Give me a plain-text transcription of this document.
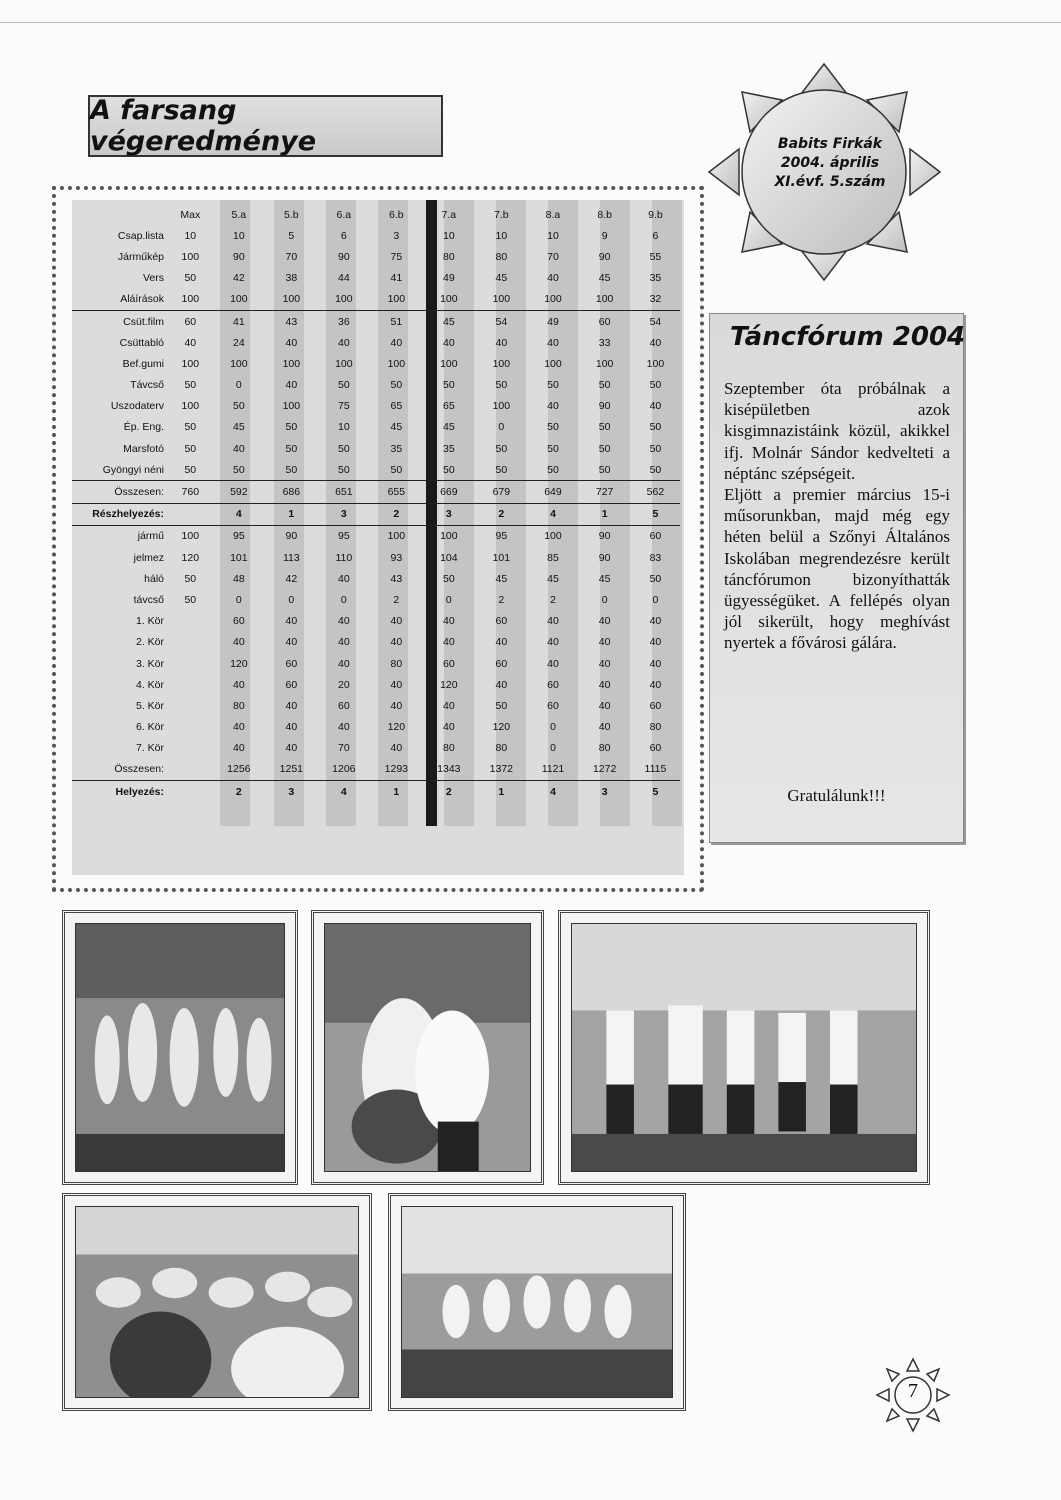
A farsang végeredménye	Babits Firkák
2004. április
XI.évf. 5.szám
	Max	5.a	5.b	6.a	6.b	7.a	7.b	8.a	8.b	9.b
Csap.lista	10	10	5	6	3	10	10	10	9	6
Járműkép	100	90	70	90	75	80	80	70	90	55
Vers	50	42	38	44	41	49	45	40	45	35
Aláírások	100	100	100	100	100	100	100	100	100	32
Csüt.film	60	41	43	36	51	45	54	49	60	54
Csüttabló	40	24	40	40	40	40	40	40	33	40
Bef.gumi	100	100	100	100	100	100	100	100	100	100
Távcső	50	0	40	50	50	50	50	50	50	50
Uszodaterv	100	50	100	75	65	65	100	40	90	40
Ép. Eng.	50	45	50	10	45	45	0	50	50	50
Marsfotó	50	40	50	50	35	35	50	50	50	50
Gyöngyi néni	50	50	50	50	50	50	50	50	50	50
Összesen:	760	592	686	651	655	669	679	649	727	562
Részhelyezés:		4	1	3	2	3	2	4	1	5
jármű	100	95	90	95	100	100	95	100	90	60
jelmez	120	101	113	110	93	104	101	85	90	83
háló	50	48	42	40	43	50	45	45	45	50
távcső	50	0	0	0	2	0	2	2	0	0
1. Kör		60	40	40	40	40	60	40	40	40
2. Kör		40	40	40	40	40	40	40	40	40
3. Kör		120	60	40	80	60	60	40	40	40
4. Kör		40	60	20	40	120	40	60	40	40
5. Kör		80	40	60	40	40	50	60	40	60
6. Kör		40	40	40	120	40	120	0	40	80
7. Kör		40	40	70	40	80	80	0	80	60
Összesen:		1256	1251	1206	1293	1343	1372	1121	1272	1115
Helyezés:		2	3	4	1	2	1	4	3	5
Táncfórum 2004

Szeptember óta próbálnak a kisépületben azok kisgimnazistáink közül, akikkel ifj. Molnár Sándor kedvelteti a néptánc szépségeit.

Eljött a premier március 15-i műsorunkban, majd még egy héten belül a Szőnyi Általános Iskolában megrendezésre került táncfórumon bizonyíthatták ügyességüket. A fellépés olyan jól sikerült, hogy meghívást nyertek a fővárosi gálára.

Gratulálunk!!!
7
